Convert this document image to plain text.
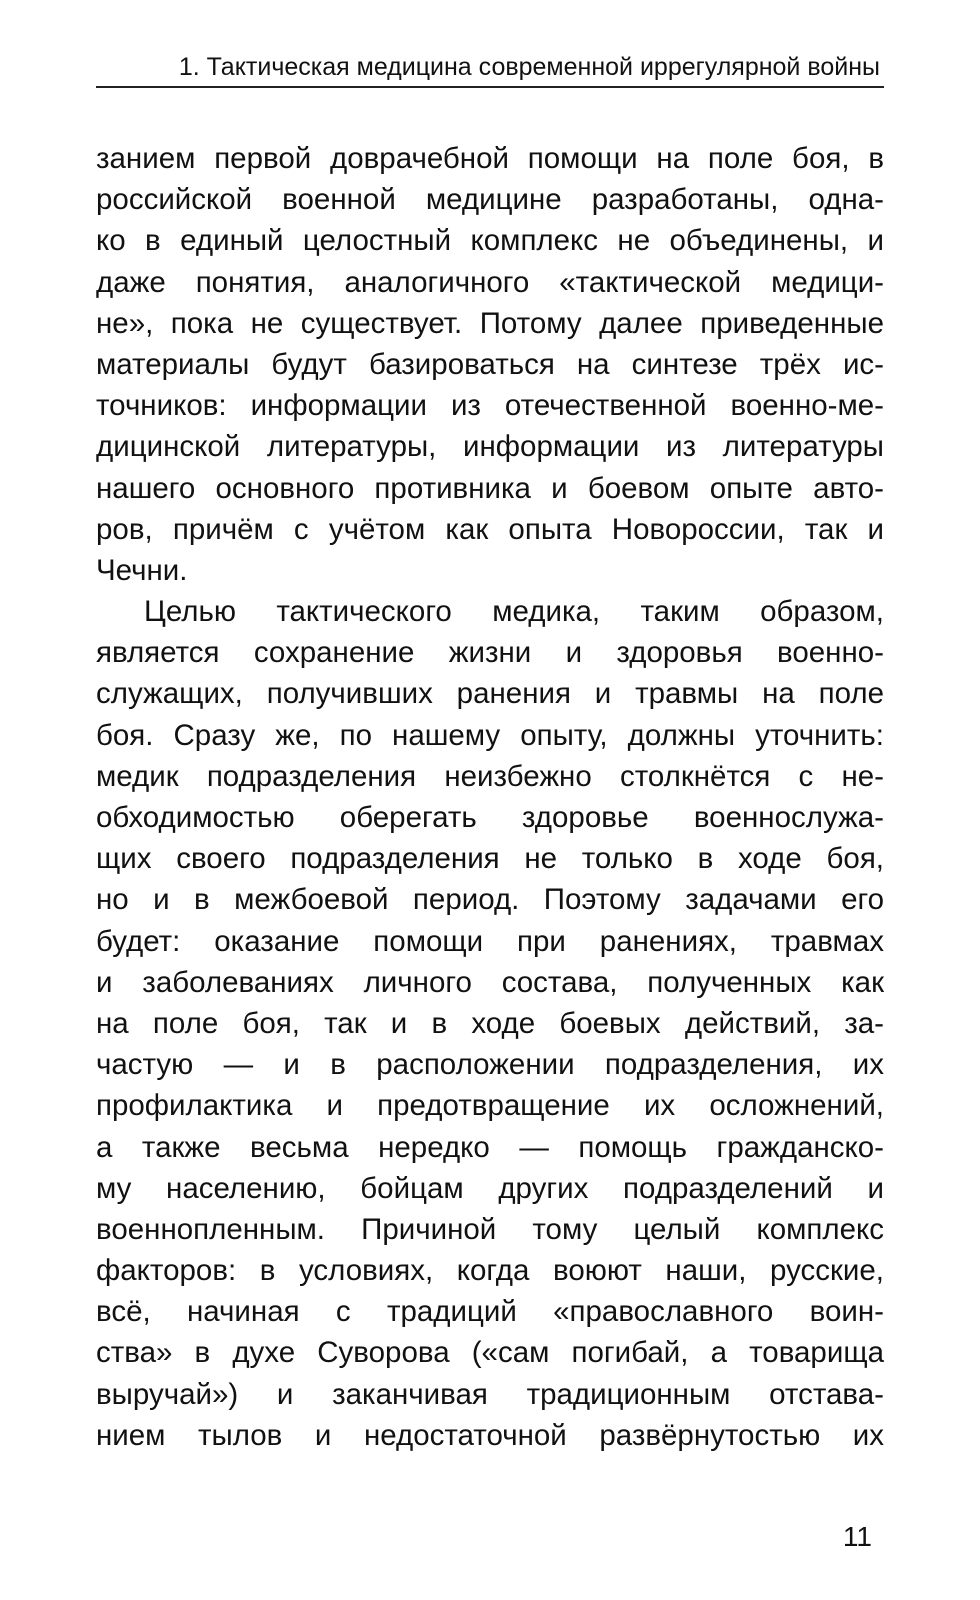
1. Тактическая медицина современной иррегулярной войны
занием первой доврачебной помощи на поле боя, в
российской военной медицине разработаны, одна-
ко в единый целостный комплекс не объединены, и
даже понятия, аналогичного «тактической медици-
не», пока не существует. Потому далее приведенные
материалы будут базироваться на синтезе трёх ис-
точников: информации из отечественной военно-ме-
дицинской литературы, информации из литературы
нашего основного противника и боевом опыте авто-
ров, причём с учётом как опыта Новороссии, так и
Чечни.
Целью тактического медика, таким образом,
является сохранение жизни и здоровья военно-
служащих, получивших ранения и травмы на поле
боя. Сразу же, по нашему опыту, должны уточнить:
медик подразделения неизбежно столкнётся с не-
обходимостью оберегать здоровье военнослужа-
щих своего подразделения не только в ходе боя,
но и в межбоевой период. Поэтому задачами его
будет: оказание помощи при ранениях, травмах
и заболеваниях личного состава, полученных как
на поле боя, так и в ходе боевых действий, за-
частую — и в расположении подразделения, их
профилактика и предотвращение их осложнений,
а также весьма нередко — помощь гражданско-
му населению, бойцам других подразделений и
военнопленным. Причиной тому целый комплекс
факторов: в условиях, когда воюют наши, русские,
всё, начиная с традиций «православного воин-
ства» в духе Суворова («сам погибай, а товарища
выручай») и заканчивая традиционным отстава-
нием тылов и недостаточной развёрнутостью их
11
